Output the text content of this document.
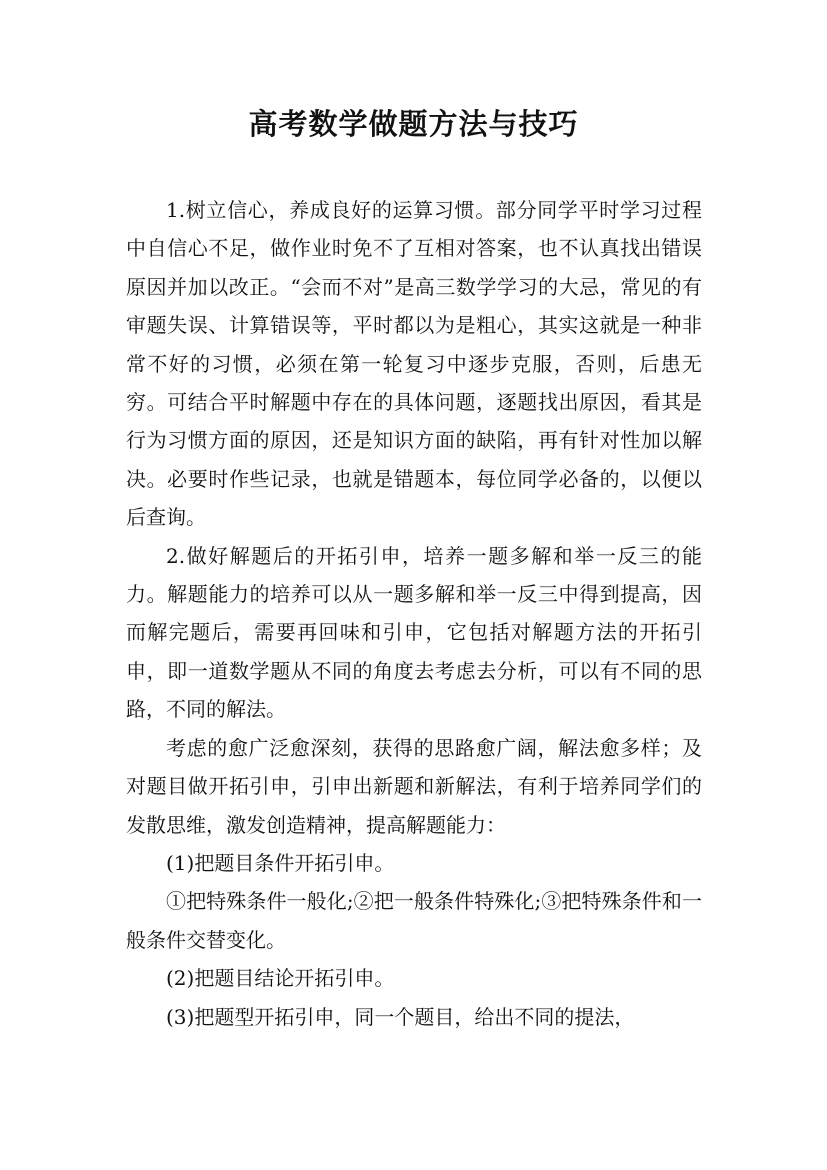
高考数学做题方法与技巧

1.树立信心，养成良好的运算习惯。部分同学平时学习过程中自信心不足，做作业时免不了互相对答案，也不认真找出错误原因并加以改正。“会而不对”是高三数学学习的大忌，常见的有审题失误、计算错误等，平时都以为是粗心，其实这就是一种非常不好的习惯，必须在第一轮复习中逐步克服，否则，后患无穷。可结合平时解题中存在的具体问题，逐题找出原因，看其是行为习惯方面的原因，还是知识方面的缺陷，再有针对性加以解决。必要时作些记录，也就是错题本，每位同学必备的，以便以后查询。

2.做好解题后的开拓引申，培养一题多解和举一反三的能力。解题能力的培养可以从一题多解和举一反三中得到提高，因而解完题后，需要再回味和引申，它包括对解题方法的开拓引申，即一道数学题从不同的角度去考虑去分析，可以有不同的思路，不同的解法。

考虑的愈广泛愈深刻，获得的思路愈广阔，解法愈多样；及对题目做开拓引申，引申出新题和新解法，有利于培养同学们的发散思维，激发创造精神，提高解题能力：

(1)把题目条件开拓引申。

①把特殊条件一般化;②把一般条件特殊化;③把特殊条件和一般条件交替变化。

(2)把题目结论开拓引申。

(3)把题型开拓引申，同一个题目，给出不同的提法，
